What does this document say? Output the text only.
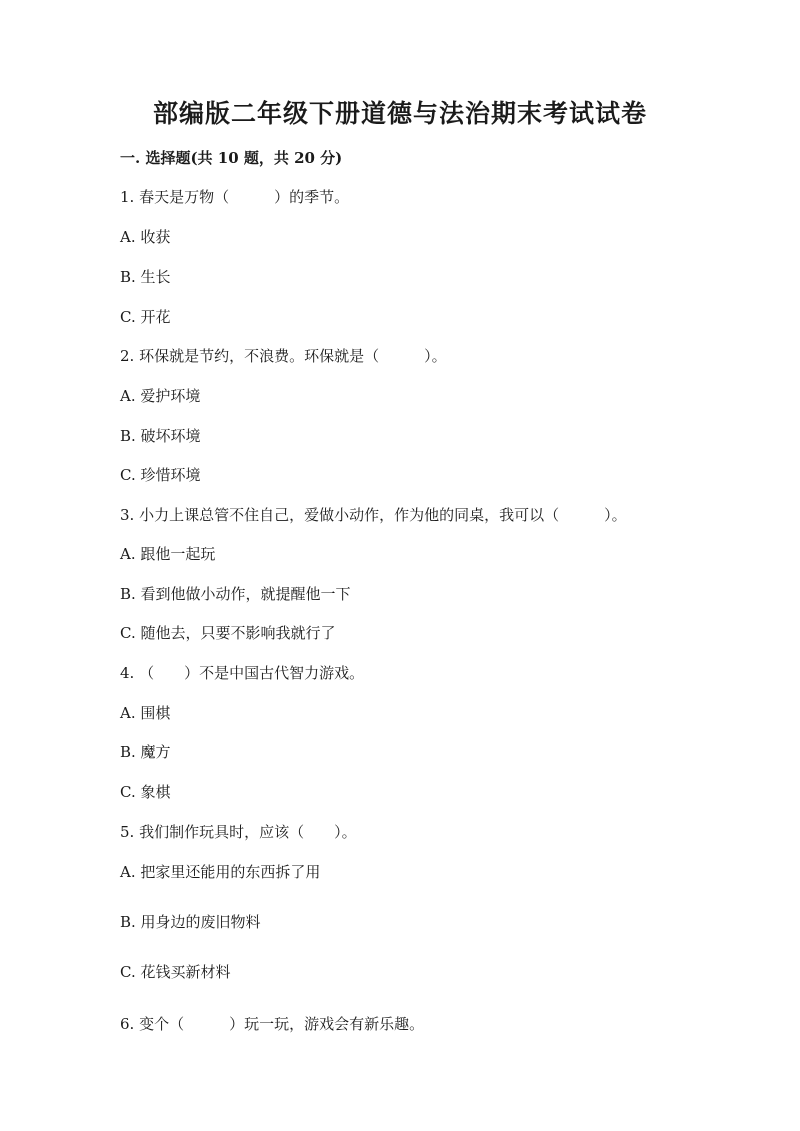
部编版二年级下册道德与法治期末考试试卷

一. 选择题(共 10 题，共 20 分)

1. 春天是万物（　　　）的季节。

A. 收获

B. 生长

C. 开花

2. 环保就是节约，不浪费。环保就是（　　　）。

A. 爱护环境

B. 破坏环境

C. 珍惜环境

3. 小力上课总管不住自己，爱做小动作，作为他的同桌，我可以（　　　）。

A. 跟他一起玩

B. 看到他做小动作，就提醒他一下

C. 随他去，只要不影响我就行了

4. （　　）不是中国古代智力游戏。

A. 围棋

B. 魔方

C. 象棋

5. 我们制作玩具时，应该（　　）。

A. 把家里还能用的东西拆了用

B. 用身边的废旧物料

C. 花钱买新材料

6. 变个（　　　）玩一玩，游戏会有新乐趣。
